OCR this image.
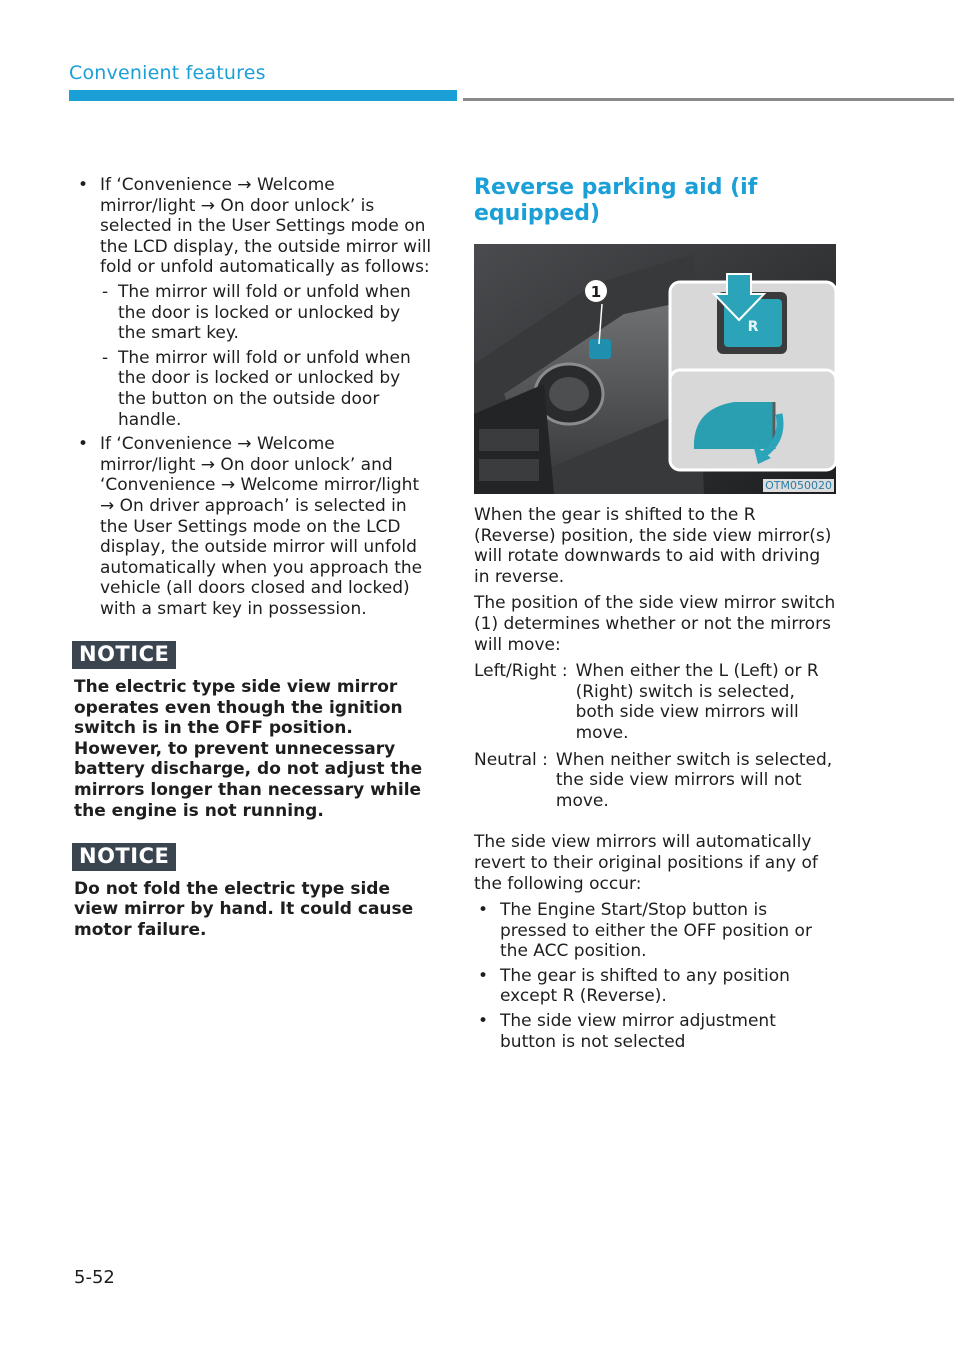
Convenient features
• If ‘Convenience → Welcome mirror/light → On door unlock’ is selected in the User Settings mode on the LCD display, the outside mirror will fold or unfold automatically as follows:
- The mirror will fold or unfold when the door is locked or unlocked by the smart key.
- The mirror will fold or unfold when the door is locked or unlocked by the button on the outside door handle.
• If ‘Convenience → Welcome mirror/light → On door unlock’ and ‘Convenience → Welcome mirror/light → On driver approach’ is selected in the User Settings mode on the LCD display, the outside mirror will unfold automatically when you approach the vehicle (all doors closed and locked) with a smart key in possession.
NOTICE

The electric type side view mirror operates even though the ignition switch is in the OFF position. However, to prevent unnecessary battery discharge, do not adjust the mirrors longer than necessary while the engine is not running.

NOTICE

Do not fold the electric type side view mirror by hand. It could cause motor failure.

Reverse parking aid (if equipped)
1
R
OTM050020

When the gear is shifted to the R (Reverse) position, the side view mirror(s) will rotate downwards to aid with driving in reverse.

The position of the side view mirror switch (1) determines whether or not the mirrors will move:

Left/Right : When either the L (Left) or R (Right) switch is selected, both side view mirrors will move.
Neutral : When neither switch is selected, the side view mirrors will not move.

The side view mirrors will automatically revert to their original positions if any of the following occur:

• The Engine Start/Stop button is pressed to either the OFF position or the ACC position.
• The gear is shifted to any position except R (Reverse).
• The side view mirror adjustment button is not selected
5-52
